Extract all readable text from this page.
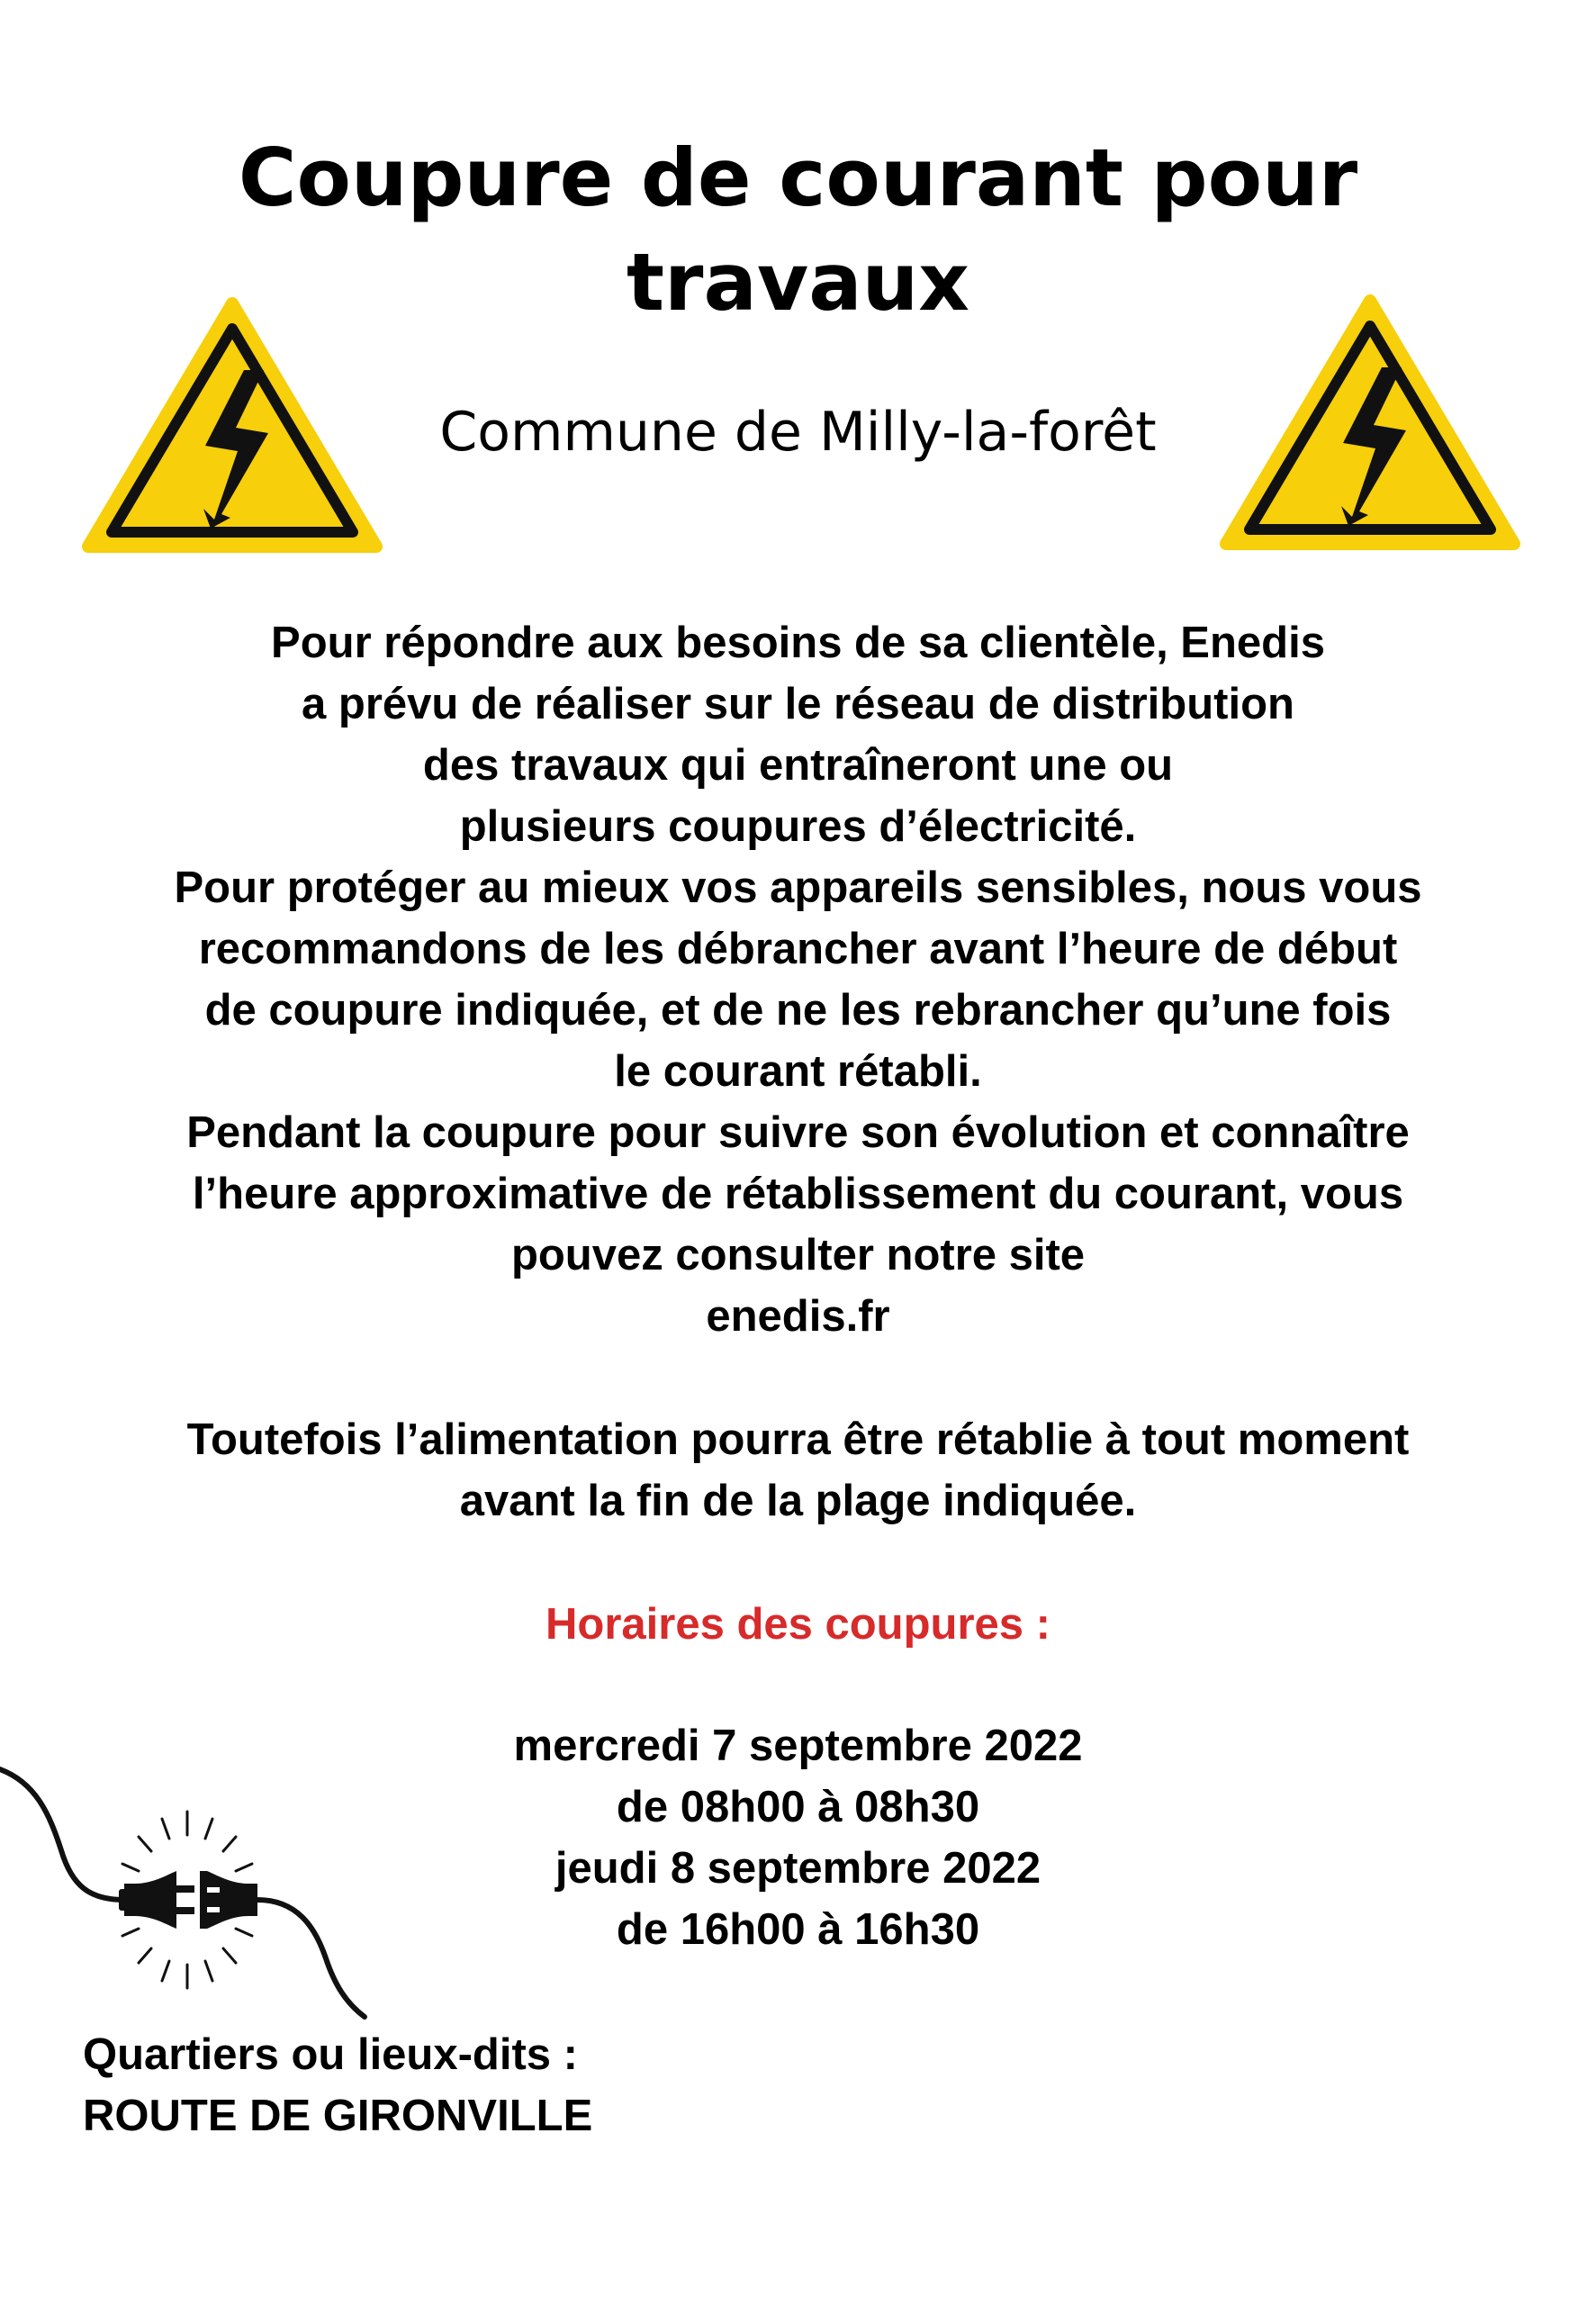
Coupure de courant pour
travaux

Commune de Milly-la-forêt

Pour répondre aux besoins de sa clientèle, Enedis
a prévu de réaliser sur le réseau de distribution
des travaux qui entraîneront une ou
plusieurs coupures d’électricité.
Pour protéger au mieux vos appareils sensibles, nous vous
recommandons de les débrancher avant l’heure de début
de coupure indiquée, et de ne les rebrancher qu’une fois
le courant rétabli.
Pendant la coupure pour suivre son évolution et connaître
l’heure approximative de rétablissement du courant, vous
pouvez consulter notre site
enedis.fr
Toutefois l’alimentation pourra être rétablie à tout moment
avant la fin de la plage indiquée.
Horaires des coupures :
mercredi 7 septembre 2022
de 08h00 à 08h30
jeudi 8 septembre 2022
de 16h00 à 16h30
Quartiers ou lieux-dits :
ROUTE DE GIRONVILLE
